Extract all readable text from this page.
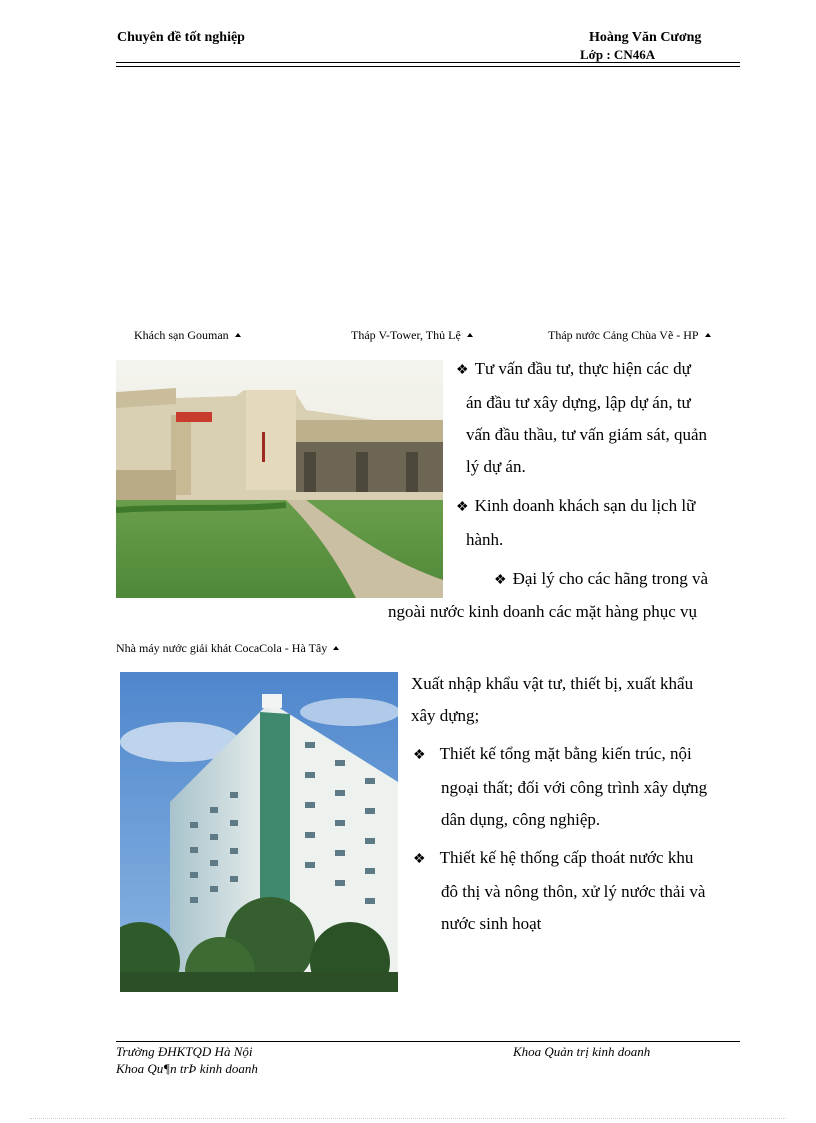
Chuyên đề tốt nghiệp	Hoàng Văn Cương
Lớp : CN46A
Khách sạn Gouman	Tháp V-Tower, Thủ Lệ	Tháp nước Cảng Chùa Vẽ - HP
❖ Tư vấn đầu tư, thực hiện các dự
án đầu tư xây dựng, lập dự án, tư
vấn đầu thầu, tư vấn giám sát, quản
lý dự án.
❖ Kinh doanh khách sạn du lịch lữ
hành.
❖ Đại lý cho các hãng trong và
ngoài nước kinh doanh các mặt hàng phục vụ
Nhà máy nước giải khát CocaCola - Hà Tây
Xuất nhập khẩu vật tư, thiết bị, xuất khẩu
xây dựng;
❖ Thiết kế tổng mặt bằng kiến trúc, nội
ngoại thất; đối với công trình xây dựng
dân dụng, công nghiệp.
❖ Thiết kế hệ thống cấp thoát nước khu
đô thị và nông thôn, xử lý nước thải và
nước sinh hoạt
Trường ĐHKTQD Hà Nội
Khoa Qu¶n trÞ kinh doanh
Khoa Quản trị kinh doanh
